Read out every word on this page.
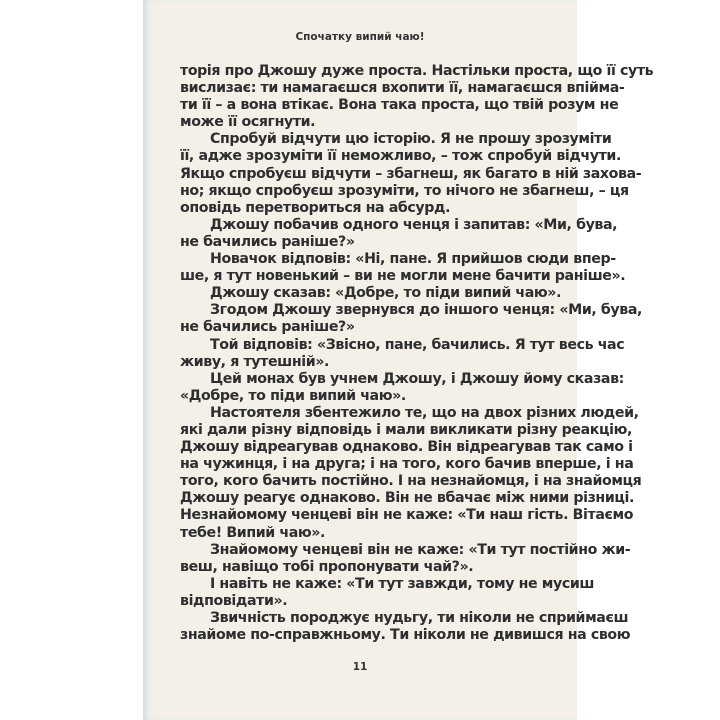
Спочатку випий чаю!
торія про Джошу дуже проста. Настільки проста, що її суть
вислизає: ти намагаєшся вхопити її, намагаєшся впійма-
ти її – а вона втікає. Вона така проста, що твій розум не
може її осягнути.
Спробуй відчути цю історію. Я не прошу зрозуміти
її, адже зрозуміти її неможливо, – тож спробуй відчути.
Якщо спробуєш відчути – збагнеш, як багато в ній захова-
но; якщо спробуєш зрозуміти, то нічого не збагнеш, – ця
оповідь перетвориться на абсурд.
Джошу побачив одного ченця і запитав: «Ми, бува,
не бачились раніше?»
Новачок відповів: «Ні, пане. Я прийшов сюди впер-
ше, я тут новенький – ви не могли мене бачити раніше».
Джошу сказав: «Добре, то піди випий чаю».
Згодом Джошу звернувся до іншого ченця: «Ми, бува,
не бачились раніше?»
Той відповів: «Звісно, пане, бачились. Я тут весь час
живу, я тутешній».
Цей монах був учнем Джошу, і Джошу йому сказав:
«Добре, то піди випий чаю».
Настоятеля збентежило те, що на двох різних людей,
які дали різну відповідь і мали викликати різну реакцію,
Джошу відреагував однаково. Він відреагував так само і
на чужинця, і на друга; і на того, кого бачив вперше, і на
того, кого бачить постійно. І на незнайомця, і на знайомця
Джошу реагує однаково. Він не вбачає між ними різниці.
Незнайомому ченцеві він не каже: «Ти наш гість. Вітаємо
тебе! Випий чаю».
Знайомому ченцеві він не каже: «Ти тут постійно жи-
веш, навіщо тобі пропонувати чай?».
І навіть не каже: «Ти тут завжди, тому не мусиш
відповідати».
Звичність породжує нудьгу, ти ніколи не сприймаєш
знайоме по-справжньому. Ти ніколи не дивишся на свою
11
